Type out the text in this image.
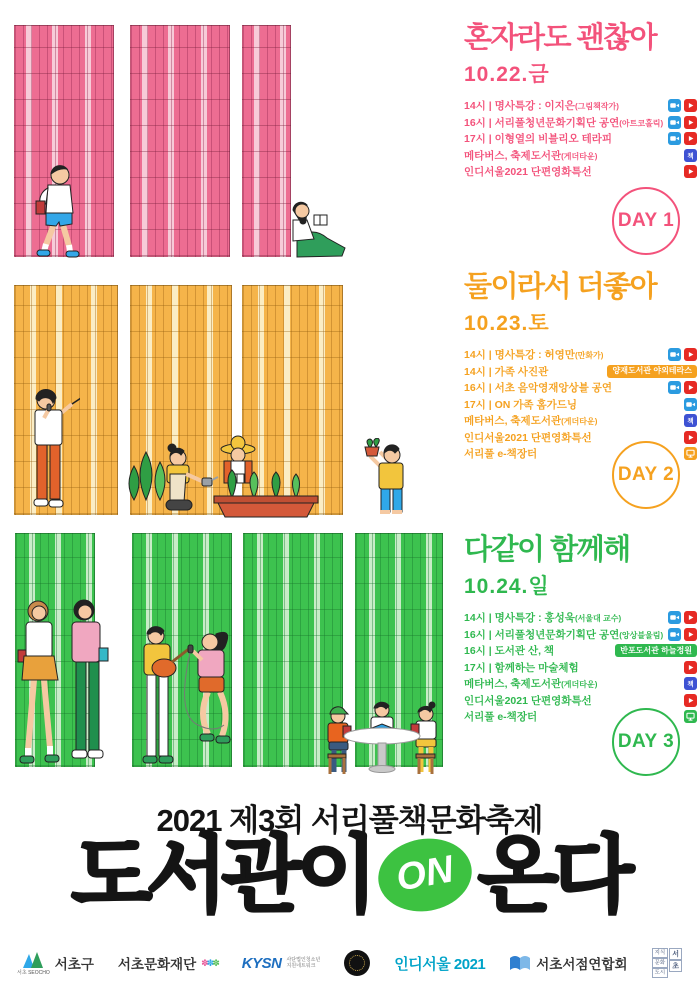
혼자라도 괜찮아
10.22.금
14시 | 명사특강 : 이지은(그림책작가)
16시 | 서리풀청년문화기획단 공연(아트코홀릭)
17시 | 이형열의 비블리오 테라피
메타버스, 축제도서관(게더타운)	책
인디서울2021 단편영화특선
DAY 1
둘이라서 더좋아
10.23.토
14시 | 명사특강 : 허영만(만화가)
14시 | 가족 사진관	양재도서관 야외테라스
16시 | 서초 음악영재앙상블 공연
17시 | ON 가족 홈가드닝
메타버스, 축제도서관(게더타운)	책
인디서울2021 단편영화특선
서리풀 e-책장터
DAY 2
다같이 함께해
10.24.일
14시 | 명사특강 : 홍성욱(서울대 교수)
16시 | 서리풀청년문화기획단 공연(앙상블울림)
16시 | 도서관 산, 책	반포도서관 하늘정원
17시 | 함께하는 마술체험
메타버스, 축제도서관(게더타운)	책
인디서울2021 단편영화특선
서리풀 e-책장터
DAY 3
2021 제3회 서리풀책문화축제
도서관이 ON 온다
서초 SEOCHO
서초구 서초문화재단 ✽✽✽ KYSN 사단법인청소년
지원네트워크	인디서울 2021	서초서점연합회
지식
문화
도시
서
초
